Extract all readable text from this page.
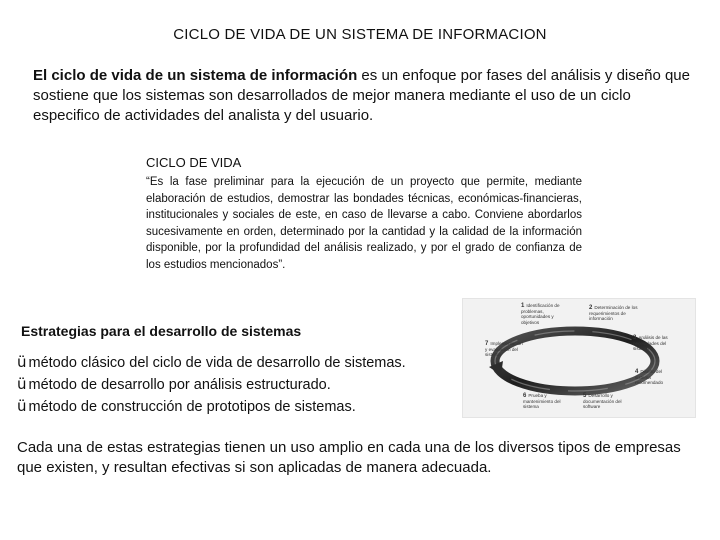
CICLO DE VIDA DE UN SISTEMA DE INFORMACION
El ciclo de vida de un sistema de información es un enfoque por fases del análisis y diseño que sostiene que los sistemas son desarrollados de mejor manera mediante el uso de un ciclo especifico de actividades del analista y del usuario.
CICLO DE VIDA
“Es la fase preliminar para la ejecución de un proyecto que permite, mediante elaboración de estudios, demostrar las bondades técnicas, económicas-financieras, institucionales y sociales de este, en caso de llevarse a cabo. Conviene abordarlos sucesivamente en orden, determinado por la cantidad y la calidad de la información disponible, por la profundidad del análisis realizado, y por el grado de confianza de los estudios mencionados”.
Estrategias para el desarrollo de sistemas
ü método clásico del ciclo de vida de desarrollo de sistemas.
ü método de desarrollo por análisis estructurado.
ü método de construcción de prototipos de sistemas.
Cada una de estas estrategias tienen un uso amplio en cada una de los diversos tipos de empresas que existen, y resultan efectivas si son aplicadas de manera adecuada.
1 Identificación de problemas, oportunidades y objetivos
2 Determinación de los requerimientos de información
3 Análisis de las necesidades del sistema
4 Diseño del sistema recomendado
5 Desarrollo y documentación del software
6 Prueba y mantenimiento del sistema
7 Implementación y evaluación del sistema
